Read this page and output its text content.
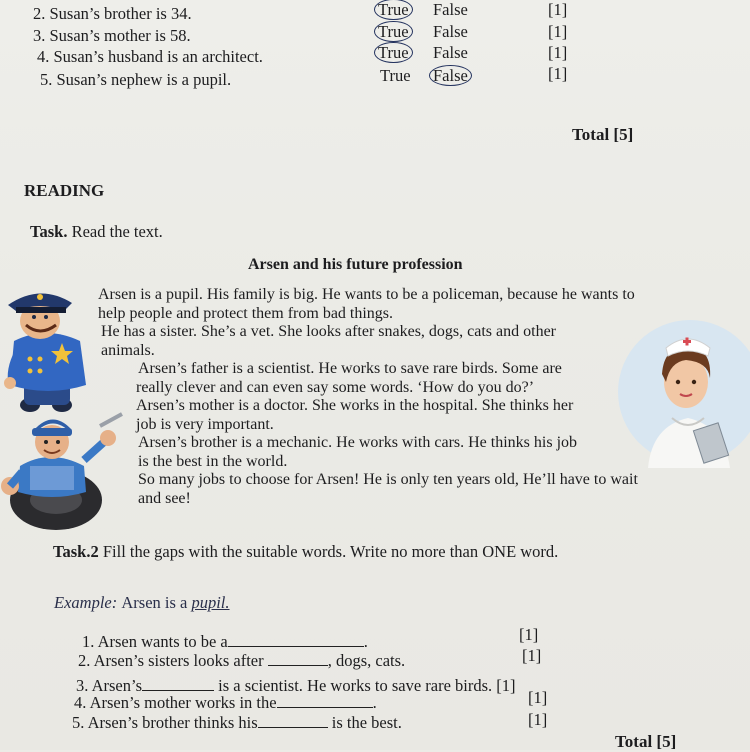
2. Susan’s brother is 34.	True False	[1]
3. Susan’s mother is 58.	True False	[1]
4. Susan’s husband is an architect.	True False	[1]
5. Susan’s nephew is a pupil.	True False	[1]
Total [5]
READING
Task. Read the text.
Arsen and his future profession
Arsen is a pupil. His family is big. He wants to be a policeman, because he wants to
help people and protect them from bad things.
He has a sister. She’s a vet. She looks after snakes, dogs, cats and other
animals.
Arsen’s father is a scientist. He works to save rare birds. Some are
really clever and can even say some words. ‘How do you do?’
Arsen’s mother is a doctor. She works in the hospital. She thinks her
job is very important.
Arsen’s brother is a mechanic. He works with cars. He thinks his job
is the best in the world.
So many jobs to choose for Arsen! He is only ten years old, He’ll have to wait
and see!
Task.2 Fill the gaps with the suitable words. Write no more than ONE word.
Example: Arsen is a pupil.
1. Arsen wants to be a	.	[1]
2. Arsen’s sisters looks after	, dogs, cats.	[1]
3. Arsen’s	is a scientist. He works to save rare birds. [1]
4. Arsen’s mother works in the	.	[1]
5. Arsen’s brother thinks his	is the best.	[1]
Total [5]
